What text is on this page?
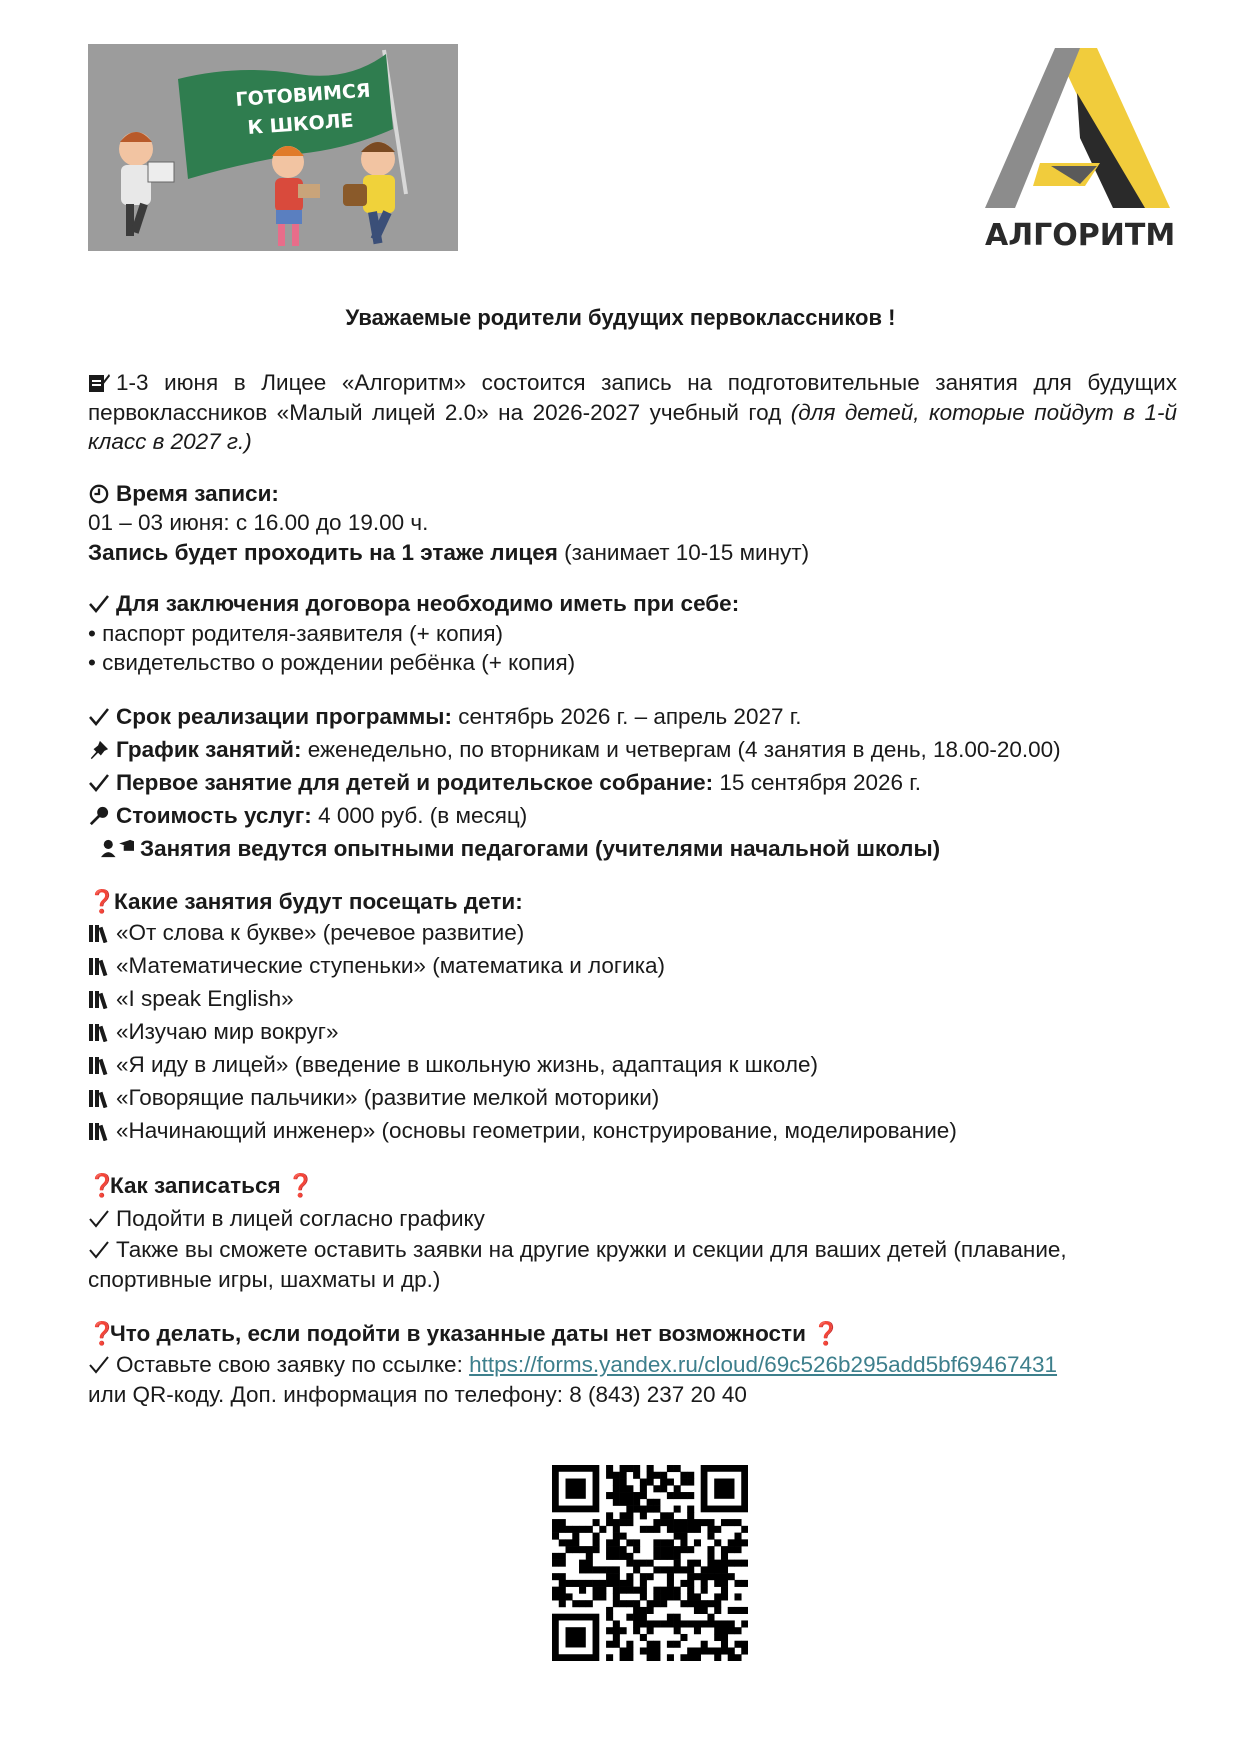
ГОТОВИМСЯ
К ШКОЛЕ
АЛГОРИТМ
Уважаемые родители будущих первоклассников !

1-3 июня в Лицее «Алгоритм» состоится запись на подготовительные занятия для будущих первоклассников «Малый лицей 2.0» на 2026-2027 учебный год (для детей, которые пойдут в 1-й класс в 2027 г.)

Время записи:

01 – 03 июня: с 16.00 до 19.00 ч.

Запись будет проходить на 1 этаже лицея (занимает 10-15 минут)

Для заключения договора необходимо иметь при себе:

• паспорт родителя-заявителя (+ копия)

• свидетельство о рождении ребёнка (+ копия)

Срок реализации программы: сентябрь 2026 г. – апрель 2027 г.

График занятий: еженедельно, по вторникам и четвергам (4 занятия в день, 18.00-20.00)

Первое занятие для детей и родительское собрание: 15 сентября 2026 г.

Стоимость услуг: 4 000 руб. (в месяц)

Занятия ведутся опытными педагогами (учителями начальной школы)

❓Какие занятия будут посещать дети:

«От слова к букве» (речевое развитие)

«Математические ступеньки» (математика и логика)

«I speak English»

«Изучаю мир вокруг»

«Я иду в лицей» (введение в школьную жизнь, адаптация к школе)

«Говорящие пальчики» (развитие мелкой моторики)

«Начинающий инженер» (основы геометрии, конструирование, моделирование)

❓Как записаться ❓

Подойти в лицей согласно графику

Также вы сможете оставить заявки на другие кружки и секции для ваших детей (плавание, спортивные игры, шахматы и др.)

❓Что делать, если подойти в указанные даты нет возможности ❓

Оставьте свою заявку по ссылке: https://forms.yandex.ru/cloud/69c526b295add5bf69467431

или QR-коду. Доп. информация по телефону: 8 (843) 237 20 40
